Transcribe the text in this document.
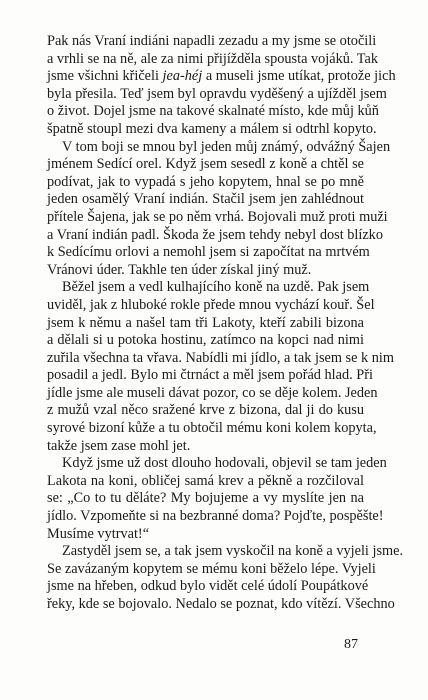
Pak nás Vraní indiáni napadli zezadu a my jsme se otočili
a vrhli se na ně, ale za nimi přijížděla spousta vojáků. Tak
jsme všichni křičeli jea-héj a museli jsme utíkat, protože jich
byla přesila. Teď jsem byl opravdu vyděšený a ujížděl jsem
o život. Dojel jsme na takové skalnaté místo, kde můj kůň
špatně stoupl mezi dva kameny a málem si odtrhl kopyto.
V tom boji se mnou byl jeden můj známý, odvážný Šajen
jménem Sedící orel. Když jsem sesedl z koně a chtěl se
podívat, jak to vypadá s jeho kopytem, hnal se po mně
jeden osamělý Vraní indián. Stačil jsem jen zahlédnout
přítele Šajena, jak se po něm vrhá. Bojovali muž proti muži
a Vraní indián padl. Škoda že jsem tehdy nebyl dost blízko
k Sedícímu orlovi a nemohl jsem si započítat na mrtvém
Vránovi úder. Takhle ten úder získal jiný muž.
Běžel jsem a vedl kulhajícího koně na uzdě. Pak jsem
uviděl, jak z hluboké rokle přede mnou vychází kouř. Šel
jsem k němu a našel tam tři Lakoty, kteří zabili bizona
a dělali si u potoka hostinu, zatímco na kopci nad nimi
zuřila všechna ta vřava. Nabídli mi jídlo, a tak jsem se k nim
posadil a jedl. Bylo mi čtrnáct a měl jsem pořád hlad. Při
jídle jsme ale museli dávat pozor, co se děje kolem. Jeden
z mužů vzal něco sražené krve z bizona, dal ji do kusu
syrové bizoní kůže a tu obtočil mému koni kolem kopyta,
takže jsem zase mohl jet.
Když jsme už dost dlouho hodovali, objevil se tam jeden
Lakota na koni, obličej samá krev a pěkně a rozčiloval
se: „Co to tu děláte? My bojujeme a vy myslíte jen na
jídlo. Vzpomeňte si na bezbranné doma? Pojďte, pospěšte!
Musíme vytrvat!“
Zastyděl jsem se, a tak jsem vyskočil na koně a vyjeli jsme.
Se zavázaným kopytem se mému koni běželo lépe. Vyjeli
jsme na hřeben, odkud bylo vidět celé údolí Poupátkové
řeky, kde se bojovalo. Nedalo se poznat, kdo vítězí. Všechno
87
